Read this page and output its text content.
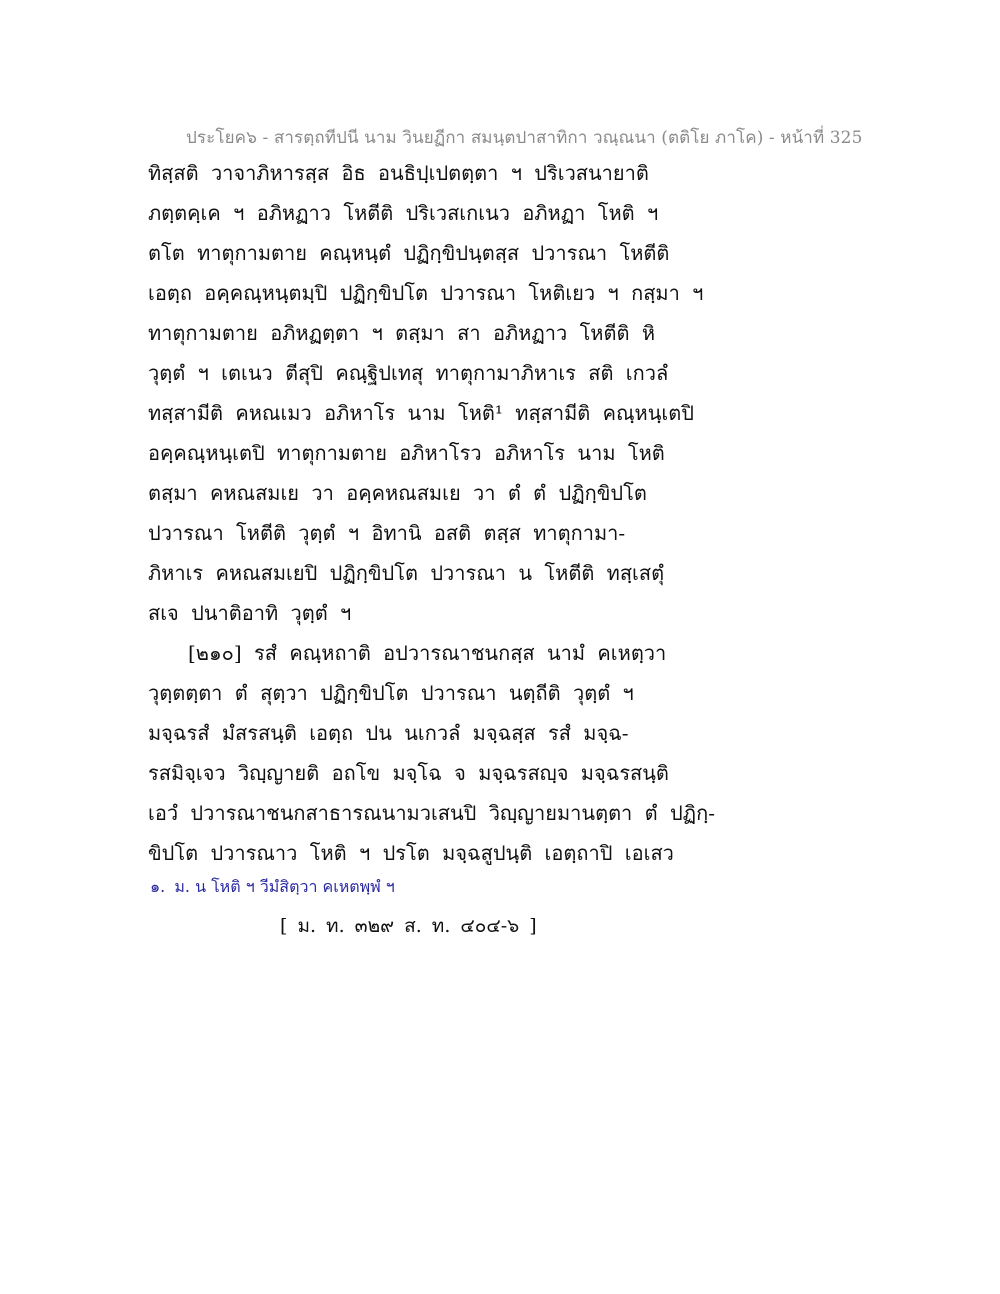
ประโยค๖ - สารตฺถทีปนี นาม วินยฏีกา สมนฺตปาสาทิกา วณฺณนา (ตติโย ภาโค) - หน้าที่ 325
ทิสฺสติ วาจาภิหารสฺส อิธ อนธิปฺเปตตฺตา ฯ ปริเวสนายาติ
ภตฺตคฺเค ฯ อภิหฏาว โหตีติ ปริเวสเกเนว อภิหฏา โหติ ฯ
ตโต ทาตุกามตาย คณฺหนฺตํ ปฏิกฺขิปนฺตสฺส ปวารณา โหตีติ
เอตฺถ อคฺคณฺหนฺตมฺปิ ปฏิกฺขิปโต ปวารณา โหติเยว ฯ กสฺมา ฯ
ทาตุกามตาย อภิหฏตฺตา ฯ ตสฺมา สา อภิหฏาว โหตีติ หิ
วุตฺตํ ฯ เตเนว ตีสุปิ คณฺฐิปเทสุ ทาตุกามาภิหาเร สติ เกวลํ
ทสฺสามีติ คหณเมว อภิหาโร นาม โหติ¹ ทสฺสามีติ คณฺหนฺเตปิ
อคฺคณฺหนฺเตปิ ทาตุกามตาย อภิหาโรว อภิหาโร นาม โหติ
ตสฺมา คหณสมเย วา อคฺคหณสมเย วา ตํ ตํ ปฏิกฺขิปโต
ปวารณา โหตีติ วุตฺตํ ฯ อิทานิ อสติ ตสฺส ทาตุกามา-
ภิหาเร คหณสมเยปิ ปฏิกฺขิปโต ปวารณา น โหตีติ ทสฺเสตุํ
สเจ ปนาติอาทิ วุตฺตํ ฯ
[๒๑๐] รสํ คณฺหถาติ อปวารณาชนกสฺส นามํ คเหตฺวา
วุตฺตตฺตา ตํ สุตฺวา ปฏิกฺขิปโต ปวารณา นตฺถีติ วุตฺตํ ฯ
มจฺฉรสํ มํสรสนฺติ เอตฺถ ปน นเกวลํ มจฺฉสฺส รสํ มจฺฉ-
รสมิจฺเจว วิญฺญายติ อถโข มจฺโฉ จ มจฺฉรสญฺจ มจฺฉรสนฺติ
เอวํ ปวารณาชนกสาธารณนามวเสนปิ วิญฺญายมานตฺตา ตํ ปฏิกฺ-
ขิปโต ปวารณาว โหติ ฯ ปรโต มจฺฉสูปนฺติ เอตฺถาปิ เอเสว
๑. ม. น โหติ ฯ วีมํสิตฺวา คเหตพฺพํ ฯ
[ ม. ท. ๓๒๙ ส. ท. ๔๐๔-๖ ]
